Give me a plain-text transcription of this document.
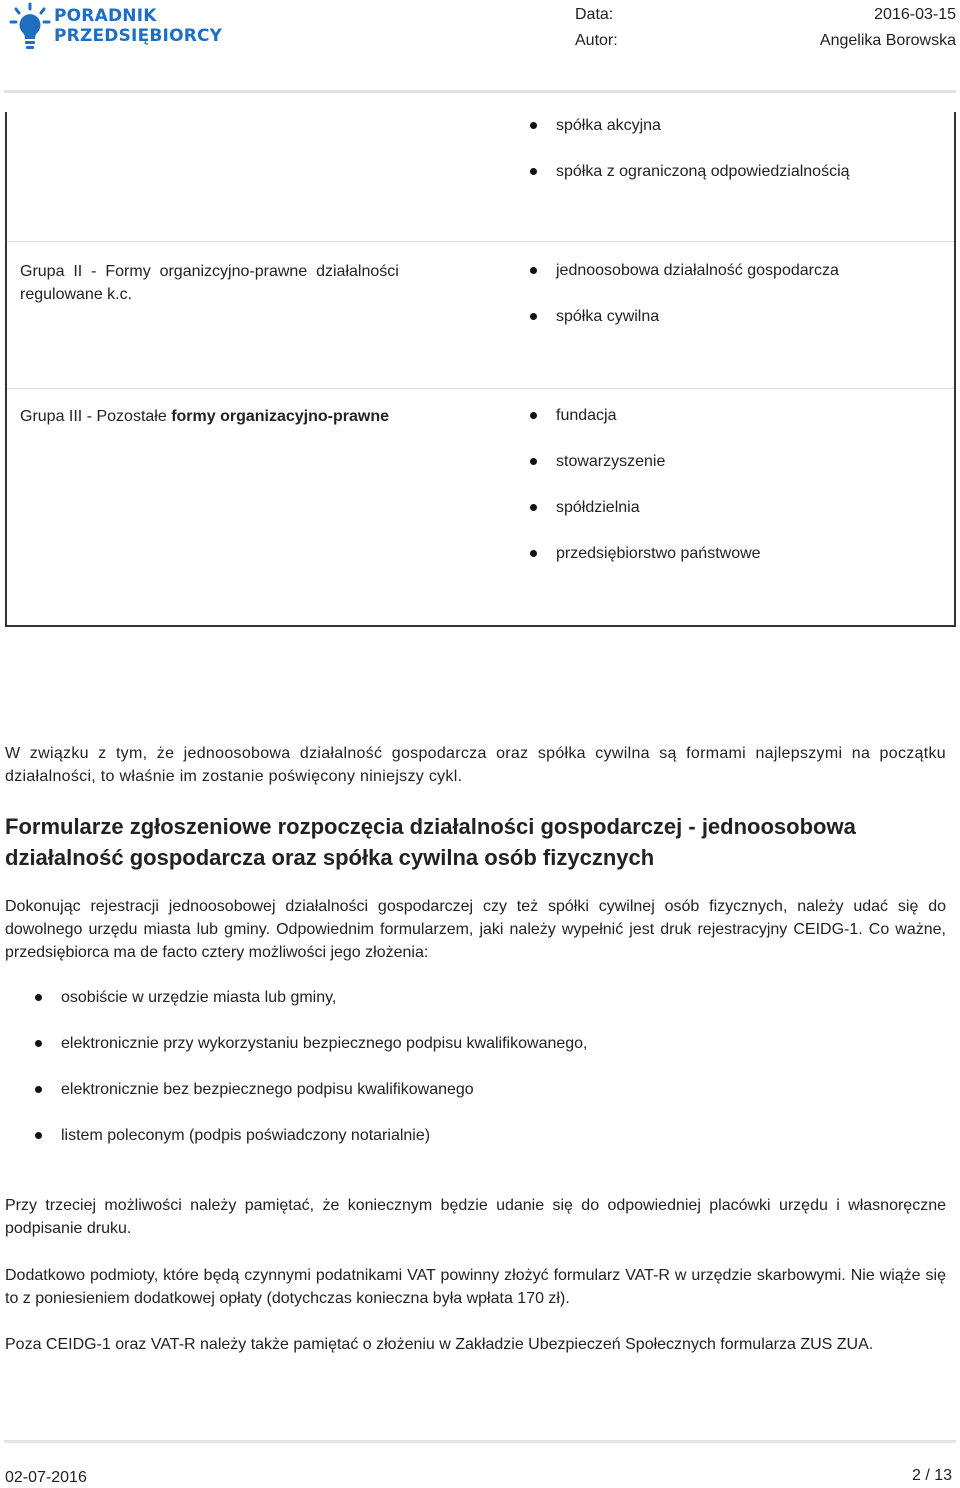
PORADNIK
PRZEDSIĘBIORCY
Data:
Autor:
2016-03-15
Angelika Borowska
spółka akcyjna
spółka z ograniczoną odpowiedzialnością
Grupa  II  -  Formy  organizcyjno-prawne  działalności
regulowane k.c.
jednoosobowa działalność gospodarcza
spółka cywilna
Grupa III - Pozostałe formy organizacyjno-prawne	fundacja
stowarzyszenie
spółdzielnia
przedsiębiorstwo państwowe
W związku z tym, że jednoosobowa działalność gospodarcza oraz spółka cywilna są formami najlepszymi na początku działalności, to właśnie im zostanie poświęcony niniejszy cykl.
Formularze zgłoszeniowe rozpoczęcia działalności gospodarczej - jednoosobowa działalność gospodarcza oraz spółka cywilna osób fizycznych
Dokonując rejestracji jednoosobowej działalności gospodarczej czy też spółki cywilnej osób fizycznych, należy udać się do dowolnego urzędu miasta lub gminy. Odpowiednim formularzem, jaki należy wypełnić jest druk rejestracyjny CEIDG-1. Co ważne, przedsiębiorca ma de facto cztery możliwości jego złożenia:
osobiście w urzędzie miasta lub gminy,
elektronicznie przy wykorzystaniu bezpiecznego podpisu kwalifikowanego,
elektronicznie bez bezpiecznego podpisu kwalifikowanego
listem poleconym (podpis poświadczony notarialnie)
Przy trzeciej możliwości należy pamiętać, że koniecznym będzie udanie się do odpowiedniej placówki urzędu i własnoręczne podpisanie druku.
Dodatkowo podmioty, które będą czynnymi podatnikami VAT powinny złożyć formularz VAT-R w urzędzie skarbowymi. Nie wiąże się to z poniesieniem dodatkowej opłaty (dotychczas konieczna była wpłata 170 zł).
Poza CEIDG-1 oraz VAT-R należy także pamiętać o złożeniu w Zakładzie Ubezpieczeń Społecznych formularza ZUS ZUA.
02-07-2016	2 / 13
